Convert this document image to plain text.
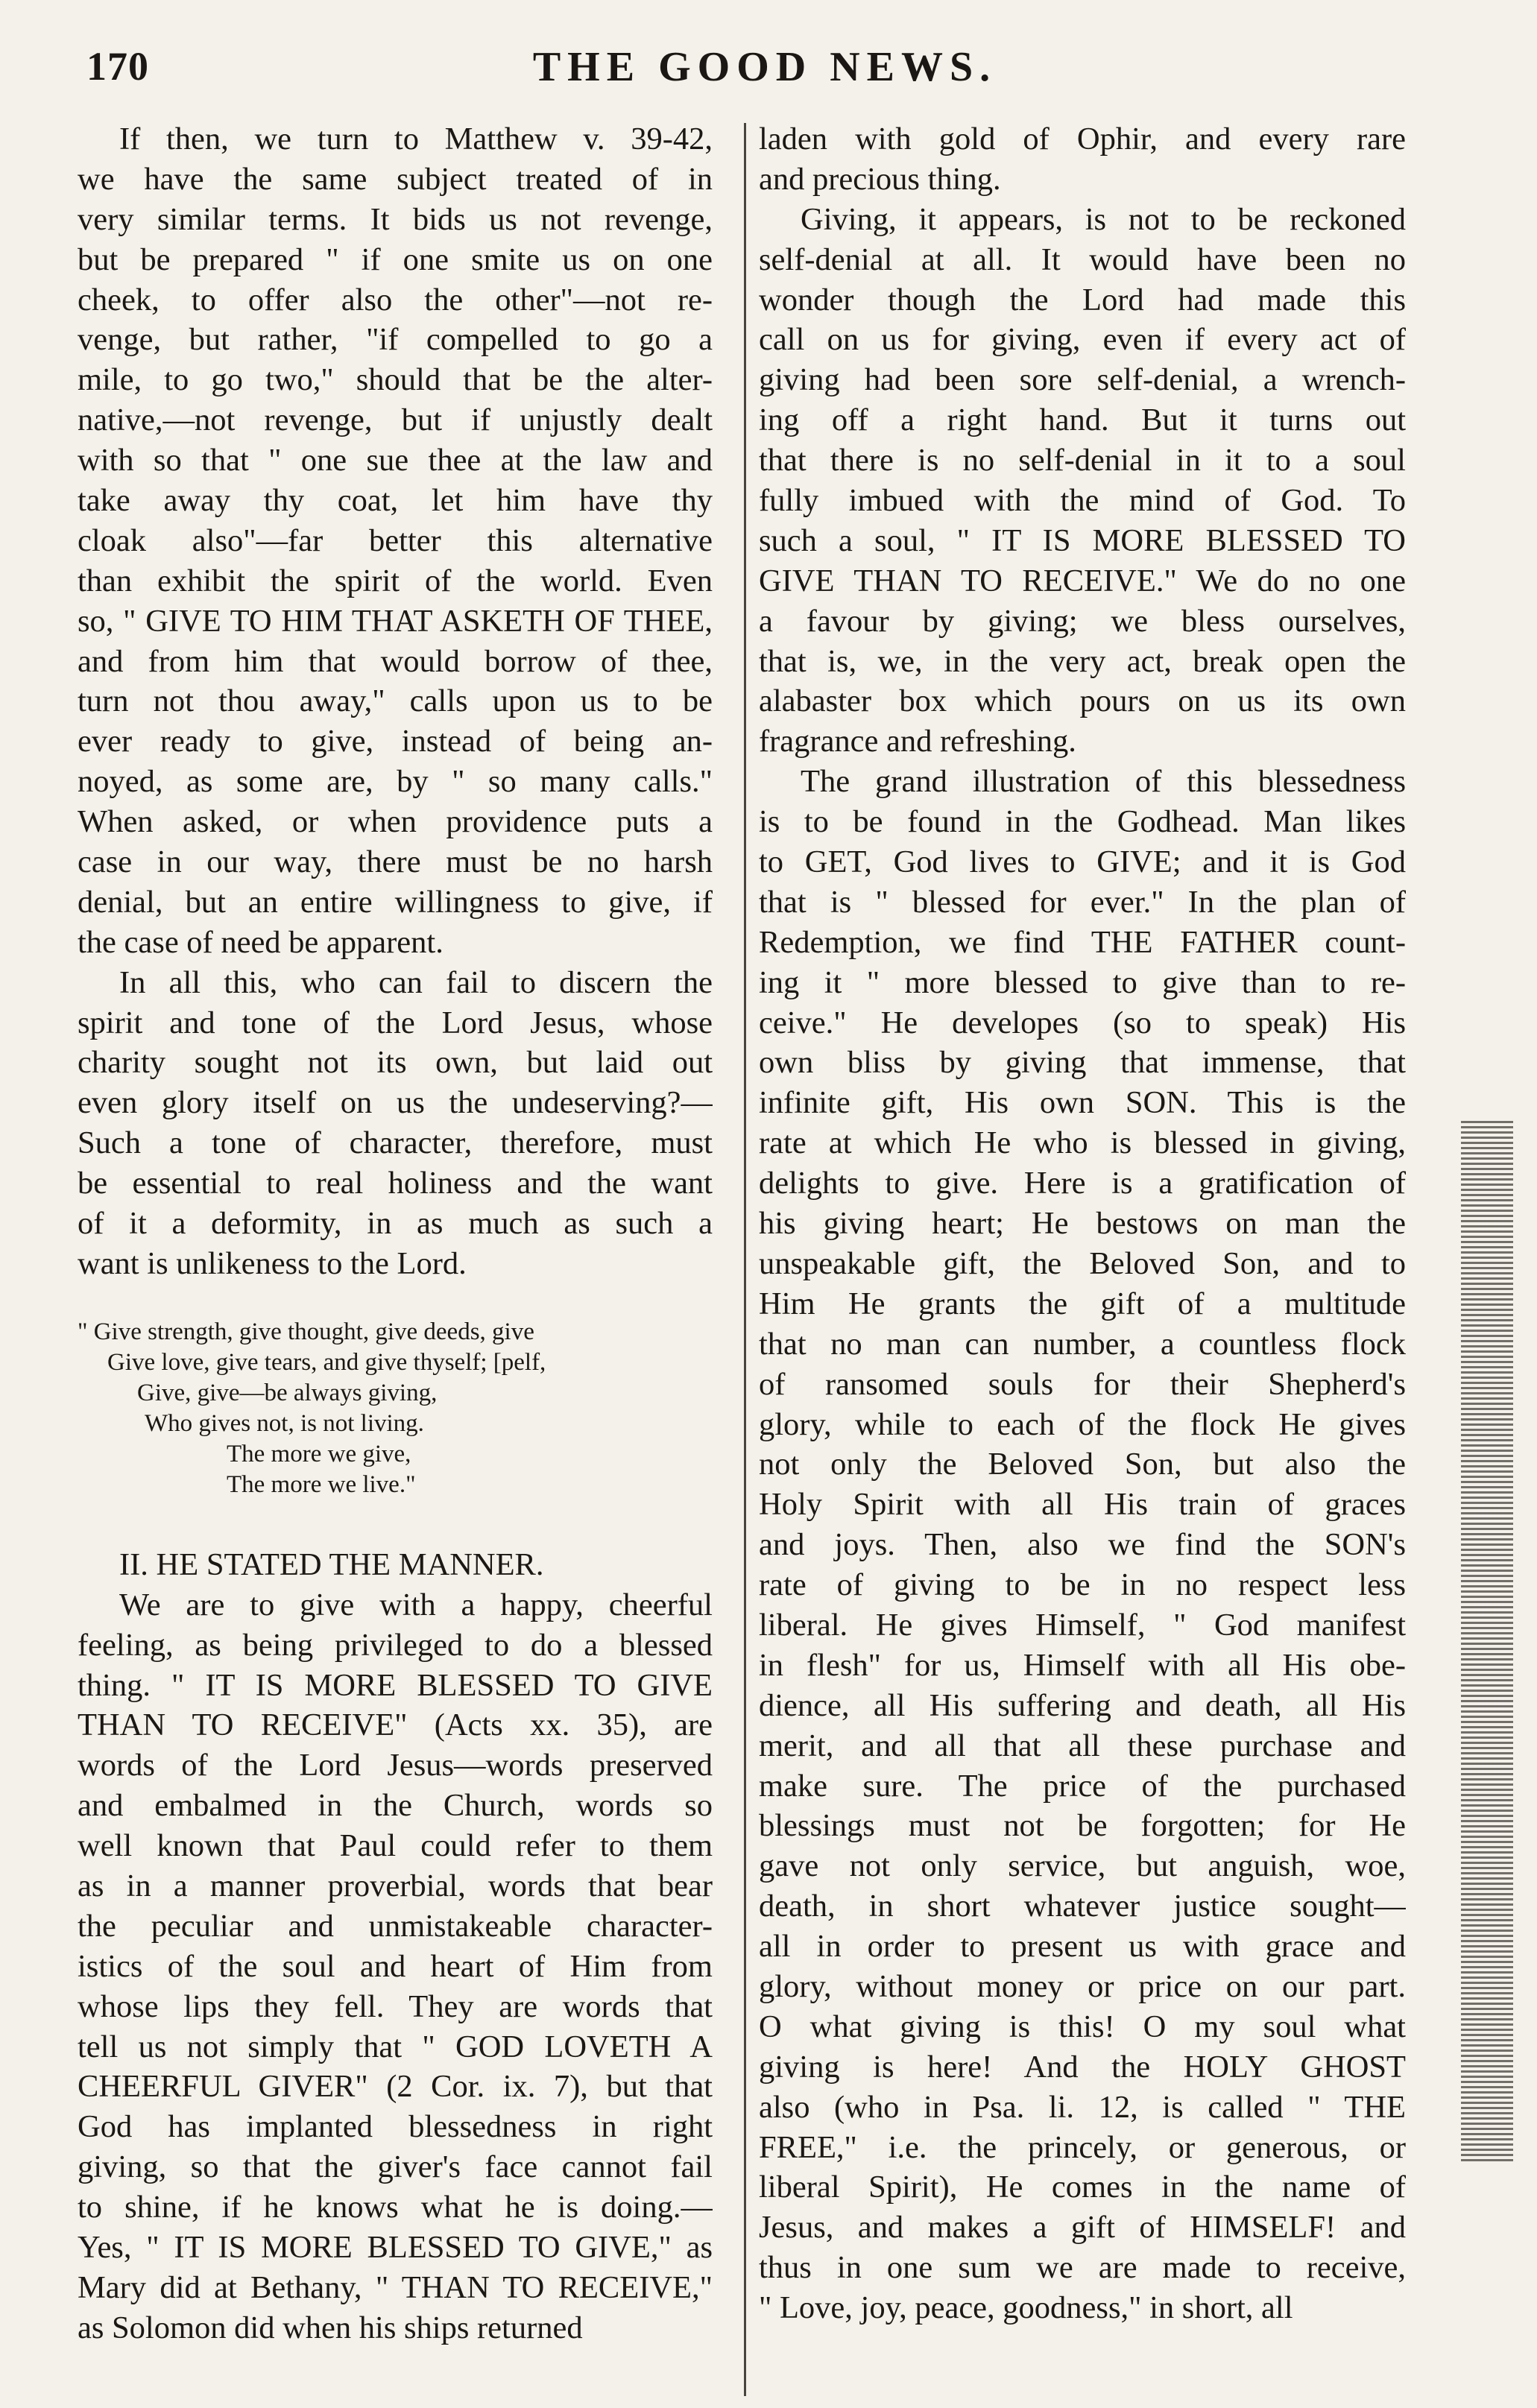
170	THE GOOD NEWS.
If then, we turn to Matthew v. 39-42,
we have the same subject treated of in
very similar terms. It bids us not revenge,
but be prepared " if one smite us on one
cheek, to offer also the other"—not re-
venge, but rather, "if compelled to go a
mile, to go two," should that be the alter-
native,—not revenge, but if unjustly dealt
with so that " one sue thee at the law and
take away thy coat, let him have thy
cloak also"—far better this alternative
than exhibit the spirit of the world. Even
so, " GIVE TO HIM THAT ASKETH OF THEE,
and from him that would borrow of thee,
turn not thou away," calls upon us to be
ever ready to give, instead of being an-
noyed, as some are, by " so many calls."
When asked, or when providence puts a
case in our way, there must be no harsh
denial, but an entire willingness to give, if
the case of need be apparent.
In all this, who can fail to discern the
spirit and tone of the Lord Jesus, whose
charity sought not its own, but laid out
even glory itself on us the undeserving?—
Such a tone of character, therefore, must
be essential to real holiness and the want
of it a deformity, in as much as such a
want is unlikeness to the Lord.
" Give strength, give thought, give deeds, give
Give love, give tears, and give thyself; [pelf,
Give, give—be always giving,
Who gives not, is not living.
The more we give,
The more we live."
II. HE STATED THE MANNER.
We are to give with a happy, cheerful
feeling, as being privileged to do a blessed
thing. " IT IS MORE BLESSED TO GIVE
THAN TO RECEIVE" (Acts xx. 35), are
words of the Lord Jesus—words preserved
and embalmed in the Church, words so
well known that Paul could refer to them
as in a manner proverbial, words that bear
the peculiar and unmistakeable character-
istics of the soul and heart of Him from
whose lips they fell. They are words that
tell us not simply that " GOD LOVETH A
CHEERFUL GIVER" (2 Cor. ix. 7), but that
God has implanted blessedness in right
giving, so that the giver's face cannot fail
to shine, if he knows what he is doing.—
Yes, " IT IS MORE BLESSED TO GIVE," as
Mary did at Bethany, " THAN TO RECEIVE,"
as Solomon did when his ships returned
laden with gold of Ophir, and every rare
and precious thing.
Giving, it appears, is not to be reckoned
self-denial at all. It would have been no
wonder though the Lord had made this
call on us for giving, even if every act of
giving had been sore self-denial, a wrench-
ing off a right hand. But it turns out
that there is no self-denial in it to a soul
fully imbued with the mind of God. To
such a soul, " IT IS MORE BLESSED TO
GIVE THAN TO RECEIVE." We do no one
a favour by giving; we bless ourselves,
that is, we, in the very act, break open the
alabaster box which pours on us its own
fragrance and refreshing.
The grand illustration of this blessedness
is to be found in the Godhead. Man likes
to GET, God lives to GIVE; and it is God
that is " blessed for ever." In the plan of
Redemption, we find THE FATHER count-
ing it " more blessed to give than to re-
ceive." He developes (so to speak) His
own bliss by giving that immense, that
infinite gift, His own SON. This is the
rate at which He who is blessed in giving,
delights to give. Here is a gratification of
his giving heart; He bestows on man the
unspeakable gift, the Beloved Son, and to
Him He grants the gift of a multitude
that no man can number, a countless flock
of ransomed souls for their Shepherd's
glory, while to each of the flock He gives
not only the Beloved Son, but also the
Holy Spirit with all His train of graces
and joys. Then, also we find the SON's
rate of giving to be in no respect less
liberal. He gives Himself, " God manifest
in flesh" for us, Himself with all His obe-
dience, all His suffering and death, all His
merit, and all that all these purchase and
make sure. The price of the purchased
blessings must not be forgotten; for He
gave not only service, but anguish, woe,
death, in short whatever justice sought—
all in order to present us with grace and
glory, without money or price on our part.
O what giving is this! O my soul what
giving is here! And the HOLY GHOST
also (who in Psa. li. 12, is called " THE
FREE," i.e. the princely, or generous, or
liberal Spirit), He comes in the name of
Jesus, and makes a gift of HIMSELF! and
thus in one sum we are made to receive,
" Love, joy, peace, goodness," in short, all
